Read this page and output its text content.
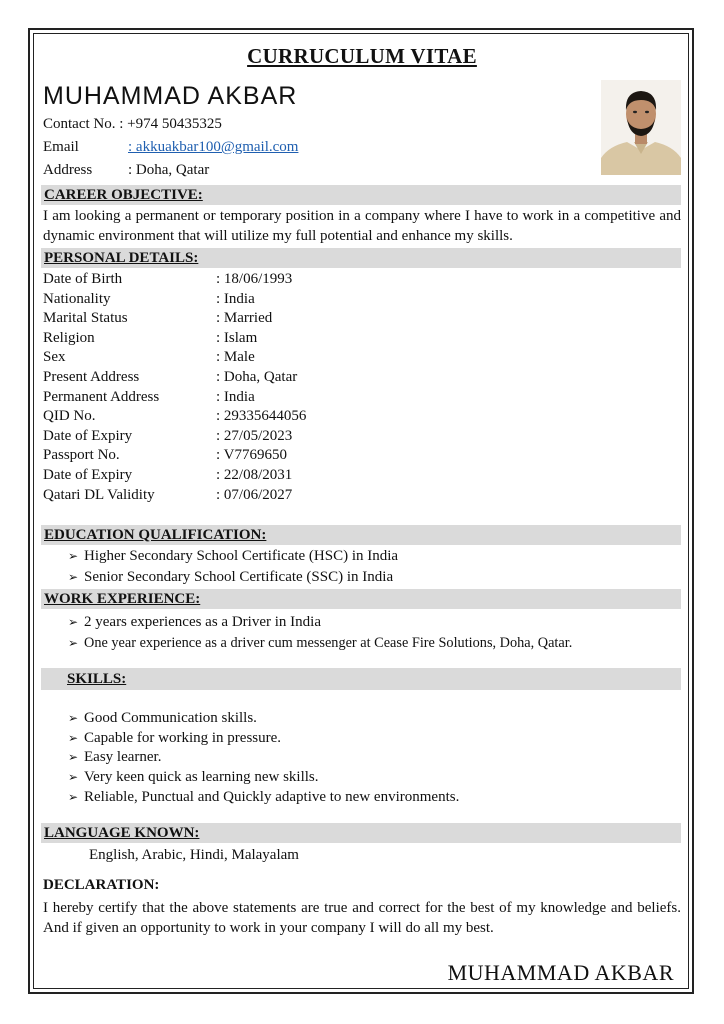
CURRUCULUM VITAE
MUHAMMAD AKBAR
Contact No. : +974 50435325
Email	: akkuakbar100@gmail.com
Address : Doha, Qatar
CAREER OBJECTIVE:
I am looking a permanent or temporary position in a company where I have to work in a competitive and dynamic environment that will utilize my full potential and enhance my skills.
PERSONAL DETAILS:
Date of Birth	: 18/06/1993
Nationality	: India
Marital Status	: Married
Religion	: Islam
Sex	: Male
Present Address	: Doha, Qatar
Permanent Address	: India
QID No.	: 29335644056
Date of Expiry	: 27/05/2023
Passport No.	: V7769650
Date of Expiry	: 22/08/2031
Qatari DL Validity	: 07/06/2027
EDUCATION QUALIFICATION:
➢ Higher Secondary School Certificate (HSC) in India
➢ Senior Secondary School Certificate (SSC) in India
WORK EXPERIENCE:
➢ 2 years experiences as a Driver in India
➢ One year experience as a driver cum messenger at Cease Fire Solutions, Doha, Qatar.
SKILLS:
➢ Good Communication skills.
➢ Capable for working in pressure.
➢ Easy learner.
➢ Very keen quick as learning new skills.
➢ Reliable, Punctual and Quickly adaptive to new environments.
LANGUAGE KNOWN:
English, Arabic, Hindi, Malayalam
DECLARATION:
I hereby certify that the above statements are true and correct for the best of my knowledge and beliefs. And if given an opportunity to work in your company I will do all my best.
MUHAMMAD AKBAR
